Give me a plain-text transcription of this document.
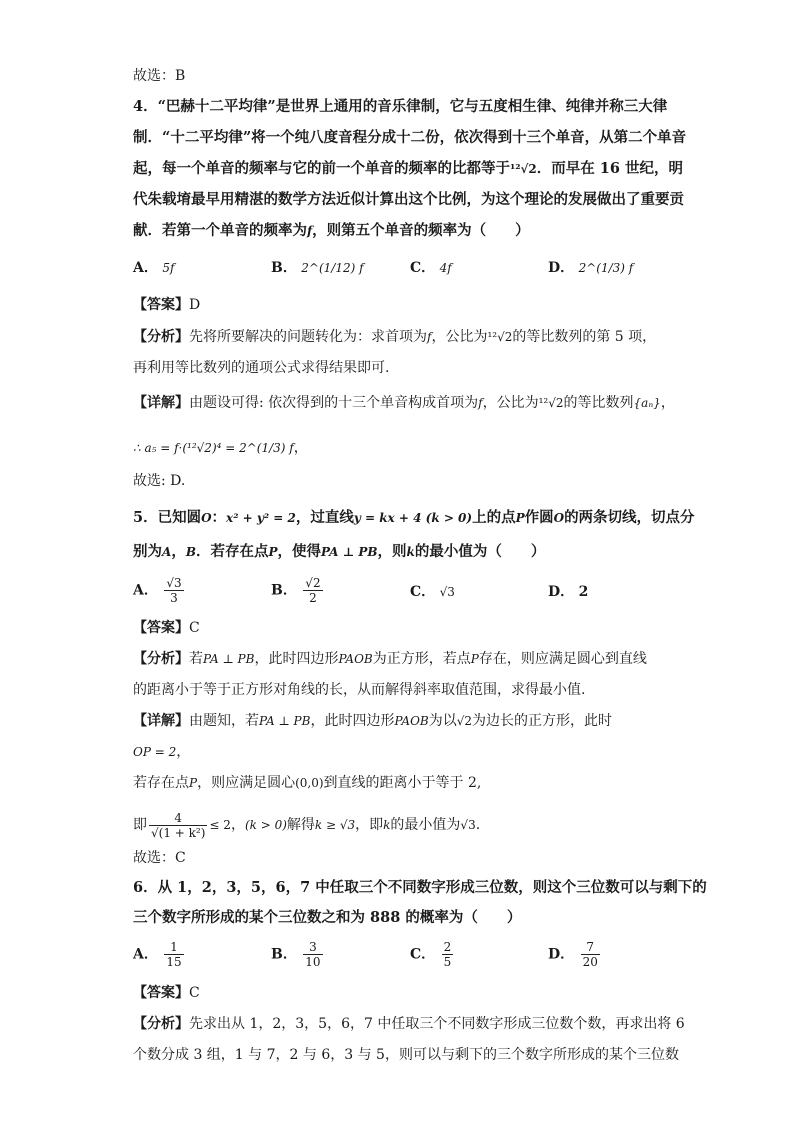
故选：B
4．“巴赫十二平均律”是世界上通用的音乐律制，它与五度相生律、纯律并称三大律
制．“十二平均律”将一个纯八度音程分成十二份，依次得到十三个单音，从第二个单音
起，每一个单音的频率与它的前一个单音的频率的比都等于¹²√2．而早在 16 世纪，明
代朱载堉最早用精湛的数学方法近似计算出这个比例，为这个理论的发展做出了重要贡
献．若第一个单音的频率为f，则第五个单音的频率为（　　）
A． 5f	B． 2^(1/12) f	C． 4f	D． 2^(1/3) f
【答案】D
【分析】先将所要解决的问题转化为：求首项为f，公比为¹²√2的等比数列的第 5 项，
再利用等比数列的通项公式求得结果即可.
【详解】由题设可得: 依次得到的十三个单音构成首项为f，公比为¹²√2的等比数列{aₙ}，
∴ a₅ = f·(¹²√2)⁴ = 2^(1/3) f，
故选: D.
5．已知圆O：x² + y² = 2，过直线y = kx + 4 (k > 0)上的点P作圆O的两条切线，切点分
别为A，B．若存在点P，使得PA ⊥ PB，则k的最小值为（　　）
A． $\frac{√3}{3}$	B． $\frac{√2}{2}$	C． √3	D． 2
【答案】C
【分析】若PA ⊥ PB，此时四边形PAOB为正方形，若点P存在，则应满足圆心到直线
的距离小于等于正方形对角线的长，从而解得斜率取值范围，求得最小值.
【详解】由题知，若PA ⊥ PB，此时四边形PAOB为以√2为边长的正方形，此时
OP = 2，
若存在点P，则应满足圆心(0,0)到直线的距离小于等于 2,
即 $\frac{4}{\text{√(1 + k²)}} \le 2$，(k > 0)解得k ≥ √3，即k的最小值为√3.
故选：C
6．从 1，2，3，5，6，7 中任取三个不同数字形成三位数，则这个三位数可以与剩下的
三个数字所形成的某个三位数之和为 888 的概率为（　　）
A． $\frac{1}{15}$	B． $\frac{3}{10}$	C． $\frac{2}{5}$	D． $\frac{7}{20}$
【答案】C
【分析】先求出从 1，2，3，5，6，7 中任取三个不同数字形成三位数个数，再求出将 6
个数分成 3 组，1 与 7，2 与 6，3 与 5，则可以与剩下的三个数字所形成的某个三位数
